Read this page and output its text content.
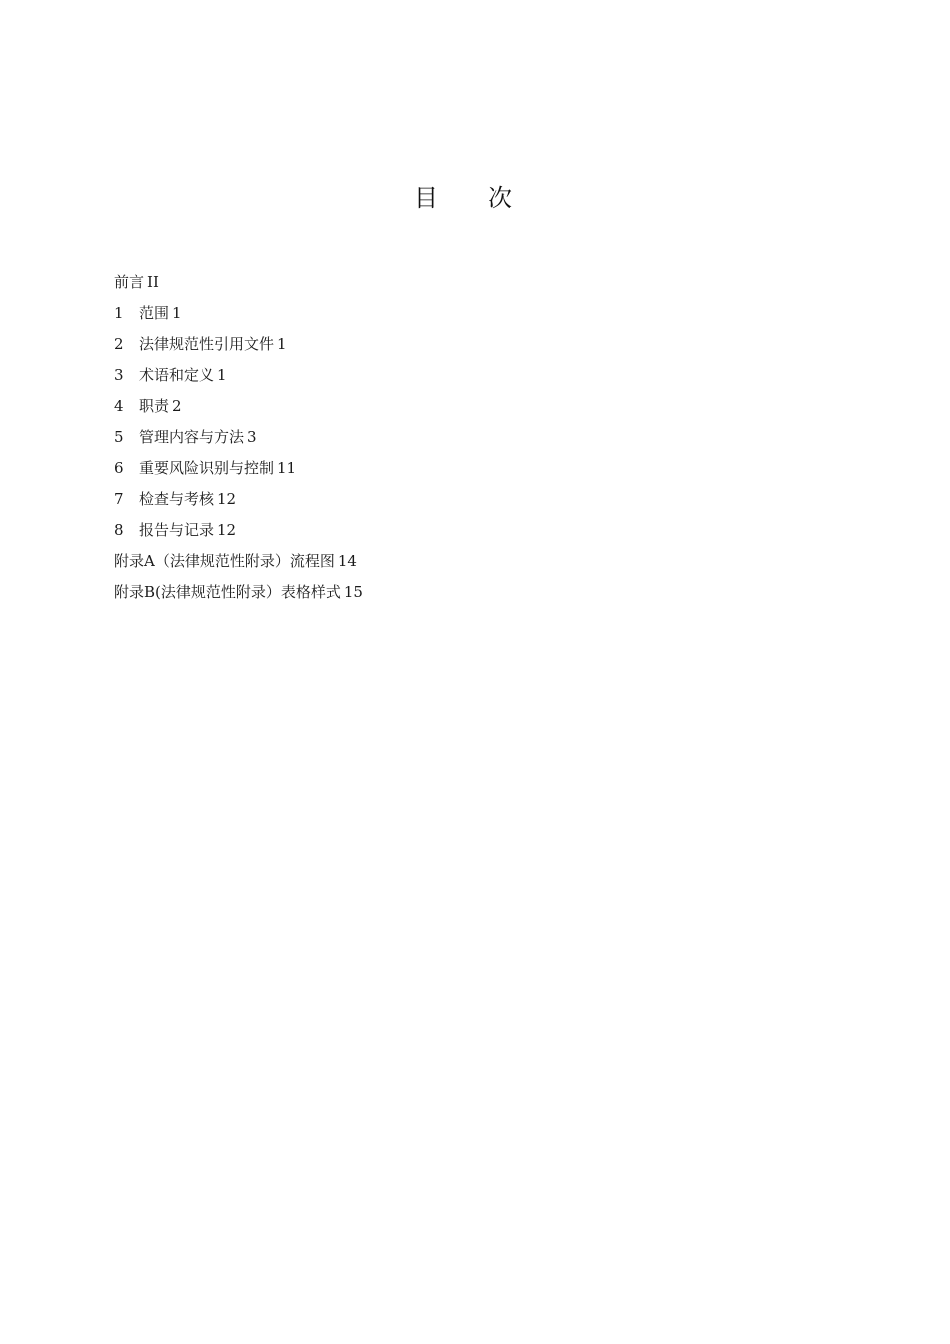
目次
前言 II
1 范围 1
2 法律规范性引用文件 1
3 术语和定义 1
4 职责 2
5 管理内容与方法 3
6 重要风险识别与控制 11
7 检查与考核 12
8 报告与记录 12
附录A（法律规范性附录）流程图 14
附录B(法律规范性附录）表格样式 15
